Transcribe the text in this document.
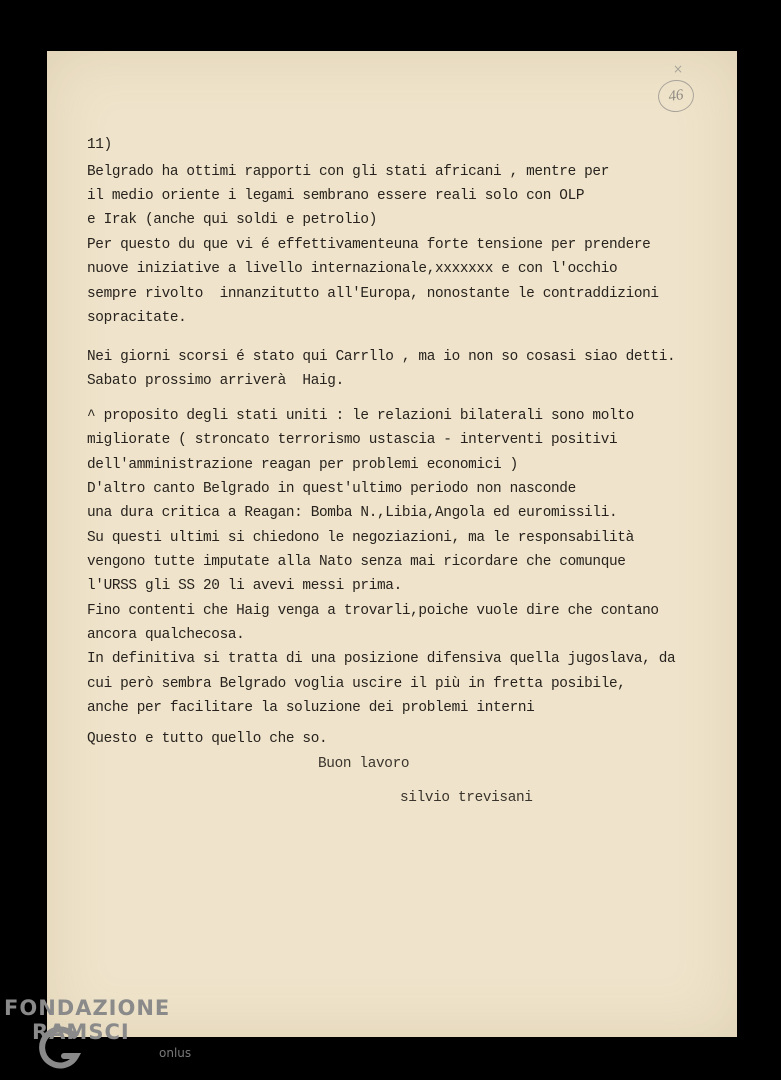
×
46

11)

Belgrado ha ottimi rapporti con gli stati africani , mentre per

il medio oriente i legami sembrano essere reali solo con OLP

e Irak (anche qui soldi e petrolio)

Per questo du que vi é effettivamenteuna forte tensione per prendere

nuove iniziative a livello internazionale,xxxxxxx e con l'occhio

sempre rivolto  innanzitutto all'Europa, nonostante le contraddizioni

sopracitate.

Nei giorni scorsi é stato qui Carrllo , ma io non so cosasi siao detti.

Sabato prossimo arriverà  Haig.

^ proposito degli stati uniti : le relazioni bilaterali sono molto

migliorate ( stroncato terrorismo ustascia - interventi positivi

dell'amministrazione reagan per problemi economici )

D'altro canto Belgrado in quest'ultimo periodo non nasconde

una dura critica a Reagan: Bomba N.,Libia,Angola ed euromissili.

Su questi ultimi si chiedono le negoziazioni, ma le responsabilità

vengono tutte imputate alla Nato senza mai ricordare che comunque

l'URSS gli SS 20 li avevi messi prima.

Fino contenti che Haig venga a trovarli,poiche vuole dire che contano

ancora qualchecosa.

In definitiva si tratta di una posizione difensiva quella jugoslava, da

cui però sembra Belgrado voglia uscire il più in fretta posibile,

anche per facilitare la soluzione dei problemi interni

Questo e tutto quello che so.

Buon lavoro

silvio trevisani

FONDAZIONE
RAMSCI
onlus
